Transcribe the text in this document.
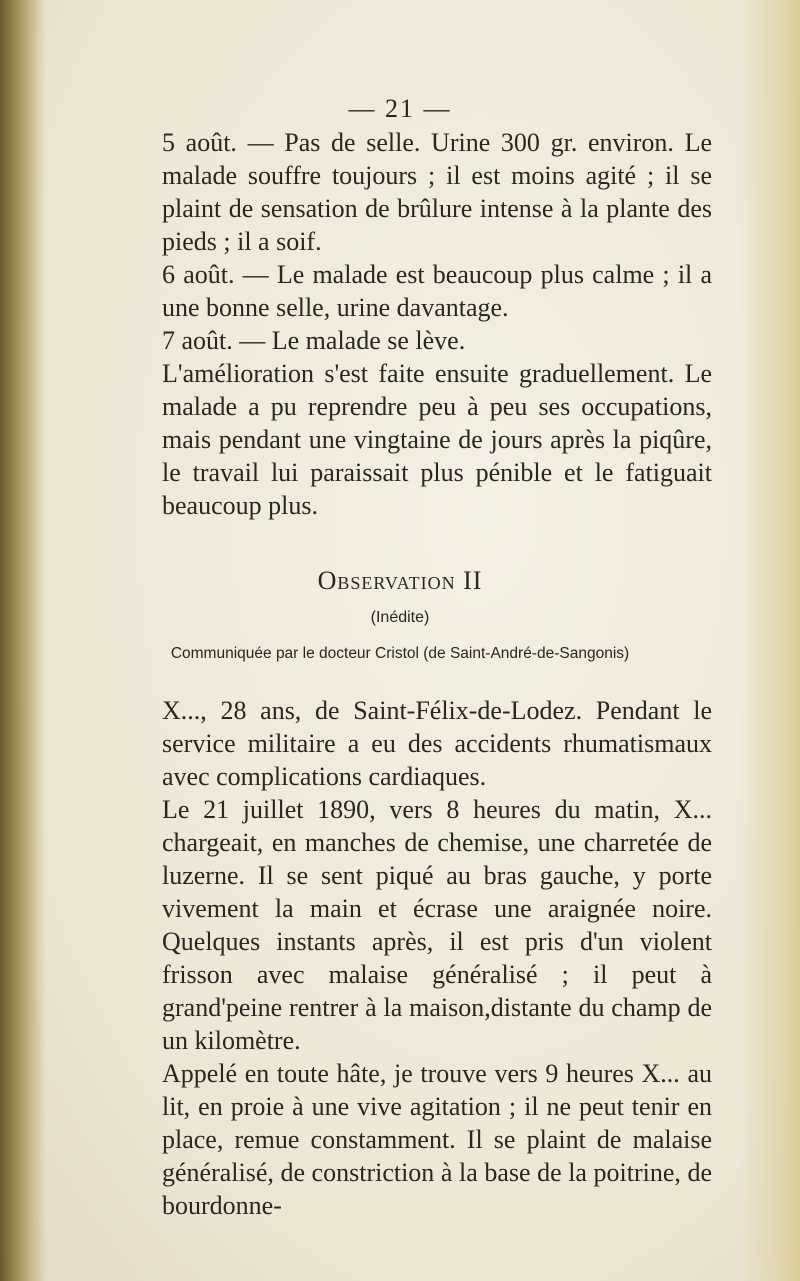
— 21 —

5 août. — Pas de selle. Urine 300 gr. environ. Le malade souffre toujours ; il est moins agité ; il se plaint de sensation de brûlure intense à la plante des pieds ; il a soif.

6 août. — Le malade est beaucoup plus calme ; il a une bonne selle, urine davantage.

7 août. — Le malade se lève.

L'amélioration s'est faite ensuite graduellement. Le malade a pu reprendre peu à peu ses occupations, mais pendant une vingtaine de jours après la piqûre, le travail lui paraissait plus pénible et le fatiguait beaucoup plus.

Observation II
(Inédite)
Communiquée par le docteur Cristol (de Saint-André-de-Sangonis)

X..., 28 ans, de Saint-Félix-de-Lodez. Pendant le service militaire a eu des accidents rhumatismaux avec complications cardiaques.

Le 21 juillet 1890, vers 8 heures du matin, X... chargeait, en manches de chemise, une charretée de luzerne. Il se sent piqué au bras gauche, y porte vivement la main et écrase une araignée noire. Quelques instants après, il est pris d'un violent frisson avec malaise généralisé ; il peut à grand'peine rentrer à la maison,distante du champ de un kilomètre.

Appelé en toute hâte, je trouve vers 9 heures X... au lit, en proie à une vive agitation ; il ne peut tenir en place, remue constamment. Il se plaint de malaise généralisé, de constriction à la base de la poitrine, de bourdonne-
